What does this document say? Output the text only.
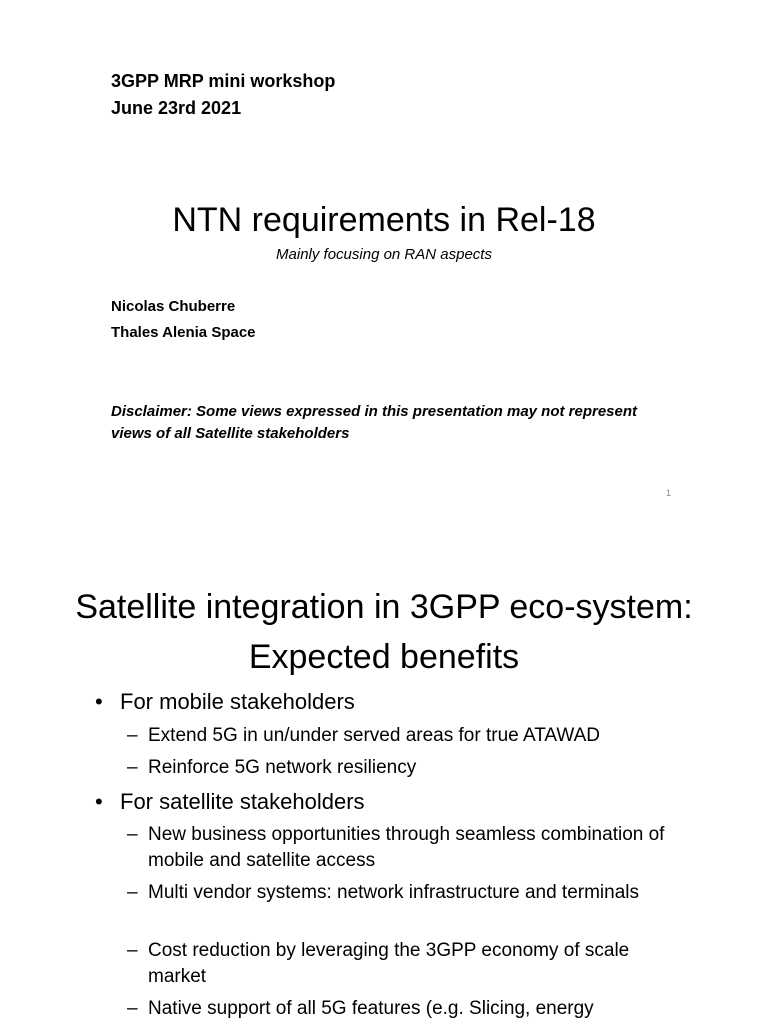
3GPP MRP mini workshop
June 23rd 2021
NTN requirements in Rel-18
Mainly focusing on RAN aspects
Nicolas Chuberre
Thales Alenia Space
Disclaimer: Some views expressed in this presentation may not represent views of all Satellite stakeholders
1
Satellite integration in 3GPP eco-system: Expected benefits
• For mobile stakeholders
– Extend 5G in un/under served areas for true ATAWAD
– Reinforce 5G network resiliency
• For satellite stakeholders
– New business opportunities through seamless combination of mobile and satellite access
– Multi vendor systems: network infrastructure and terminals
– Cost reduction by leveraging the 3GPP economy of scale market
– Native support of all 5G features (e.g. Slicing, energy
